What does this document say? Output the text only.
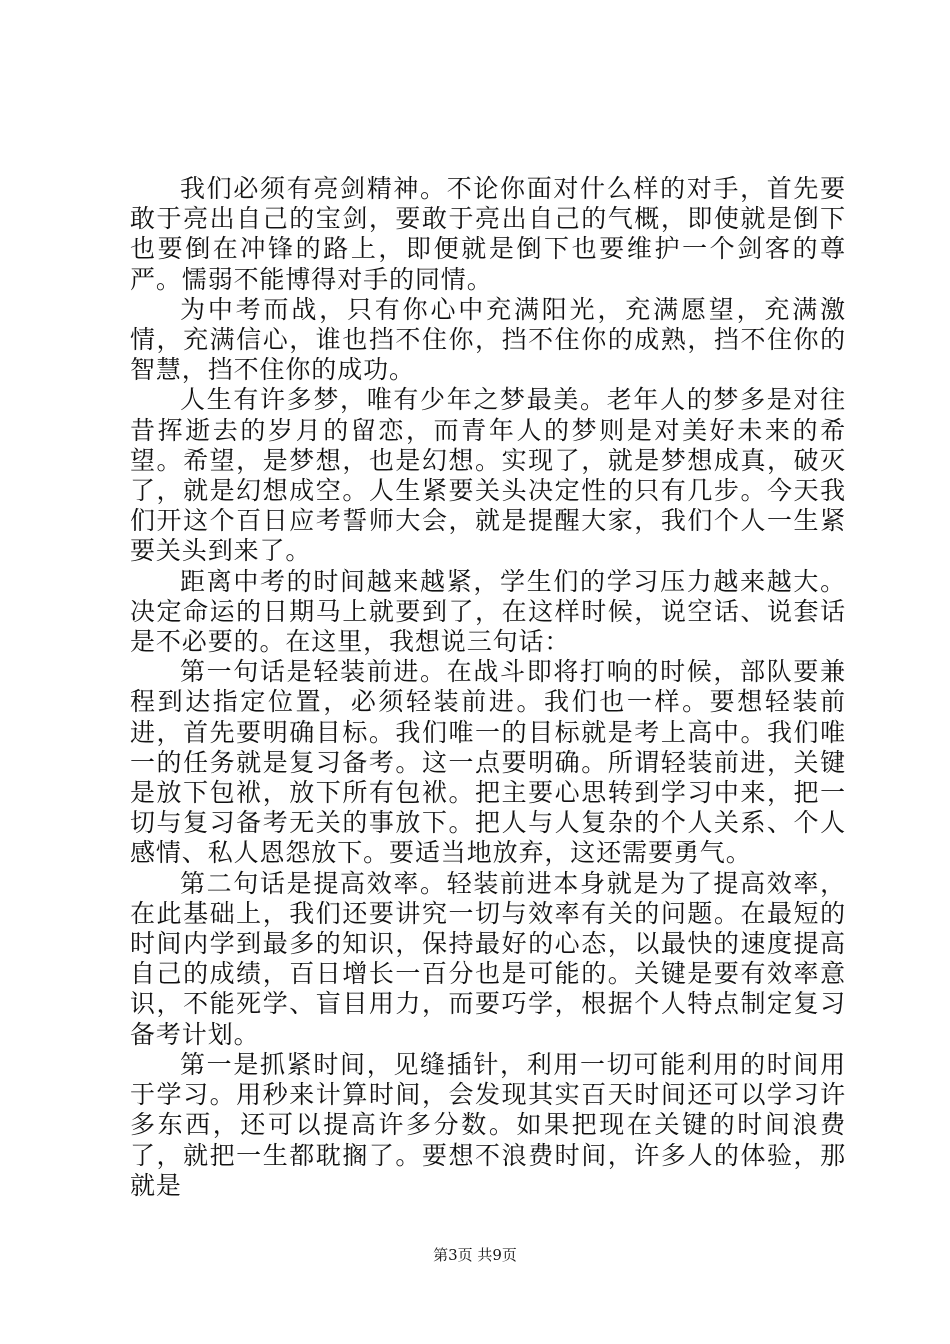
我们必须有亮剑精神。不论你面对什么样的对手，首先要敢于亮出自己的宝剑，要敢于亮出自己的气概，即使就是倒下也要倒在冲锋的路上，即便就是倒下也要维护一个剑客的尊严。懦弱不能博得对手的同情。

为中考而战，只有你心中充满阳光，充满愿望，充满激情，充满信心，谁也挡不住你，挡不住你的成熟，挡不住你的智慧，挡不住你的成功。

人生有许多梦，唯有少年之梦最美。老年人的梦多是对往昔挥逝去的岁月的留恋，而青年人的梦则是对美好未来的希望。希望，是梦想，也是幻想。实现了，就是梦想成真，破灭了，就是幻想成空。人生紧要关头决定性的只有几步。今天我们开这个百日应考誓师大会，就是提醒大家，我们个人一生紧要关头到来了。

距离中考的时间越来越紧，学生们的学习压力越来越大。决定命运的日期马上就要到了，在这样时候，说空话、说套话是不必要的。在这里，我想说三句话：

第一句话是轻装前进。在战斗即将打响的时候，部队要兼程到达指定位置，必须轻装前进。我们也一样。要想轻装前进，首先要明确目标。我们唯一的目标就是考上高中。我们唯一的任务就是复习备考。这一点要明确。所谓轻装前进，关键是放下包袱，放下所有包袱。把主要心思转到学习中来，把一切与复习备考无关的事放下。把人与人复杂的个人关系、个人感情、私人恩怨放下。要适当地放弃，这还需要勇气。

第二句话是提高效率。轻装前进本身就是为了提高效率，在此基础上，我们还要讲究一切与效率有关的问题。在最短的时间内学到最多的知识，保持最好的心态，以最快的速度提高自己的成绩，百日增长一百分也是可能的。关键是要有效率意识，不能死学、盲目用力，而要巧学，根据个人特点制定复习备考计划。

第一是抓紧时间，见缝插针，利用一切可能利用的时间用于学习。用秒来计算时间，会发现其实百天时间还可以学习许多东西，还可以提高许多分数。如果把现在关键的时间浪费了，就把一生都耽搁了。要想不浪费时间，许多人的体验，那就是

第3页 共9页
